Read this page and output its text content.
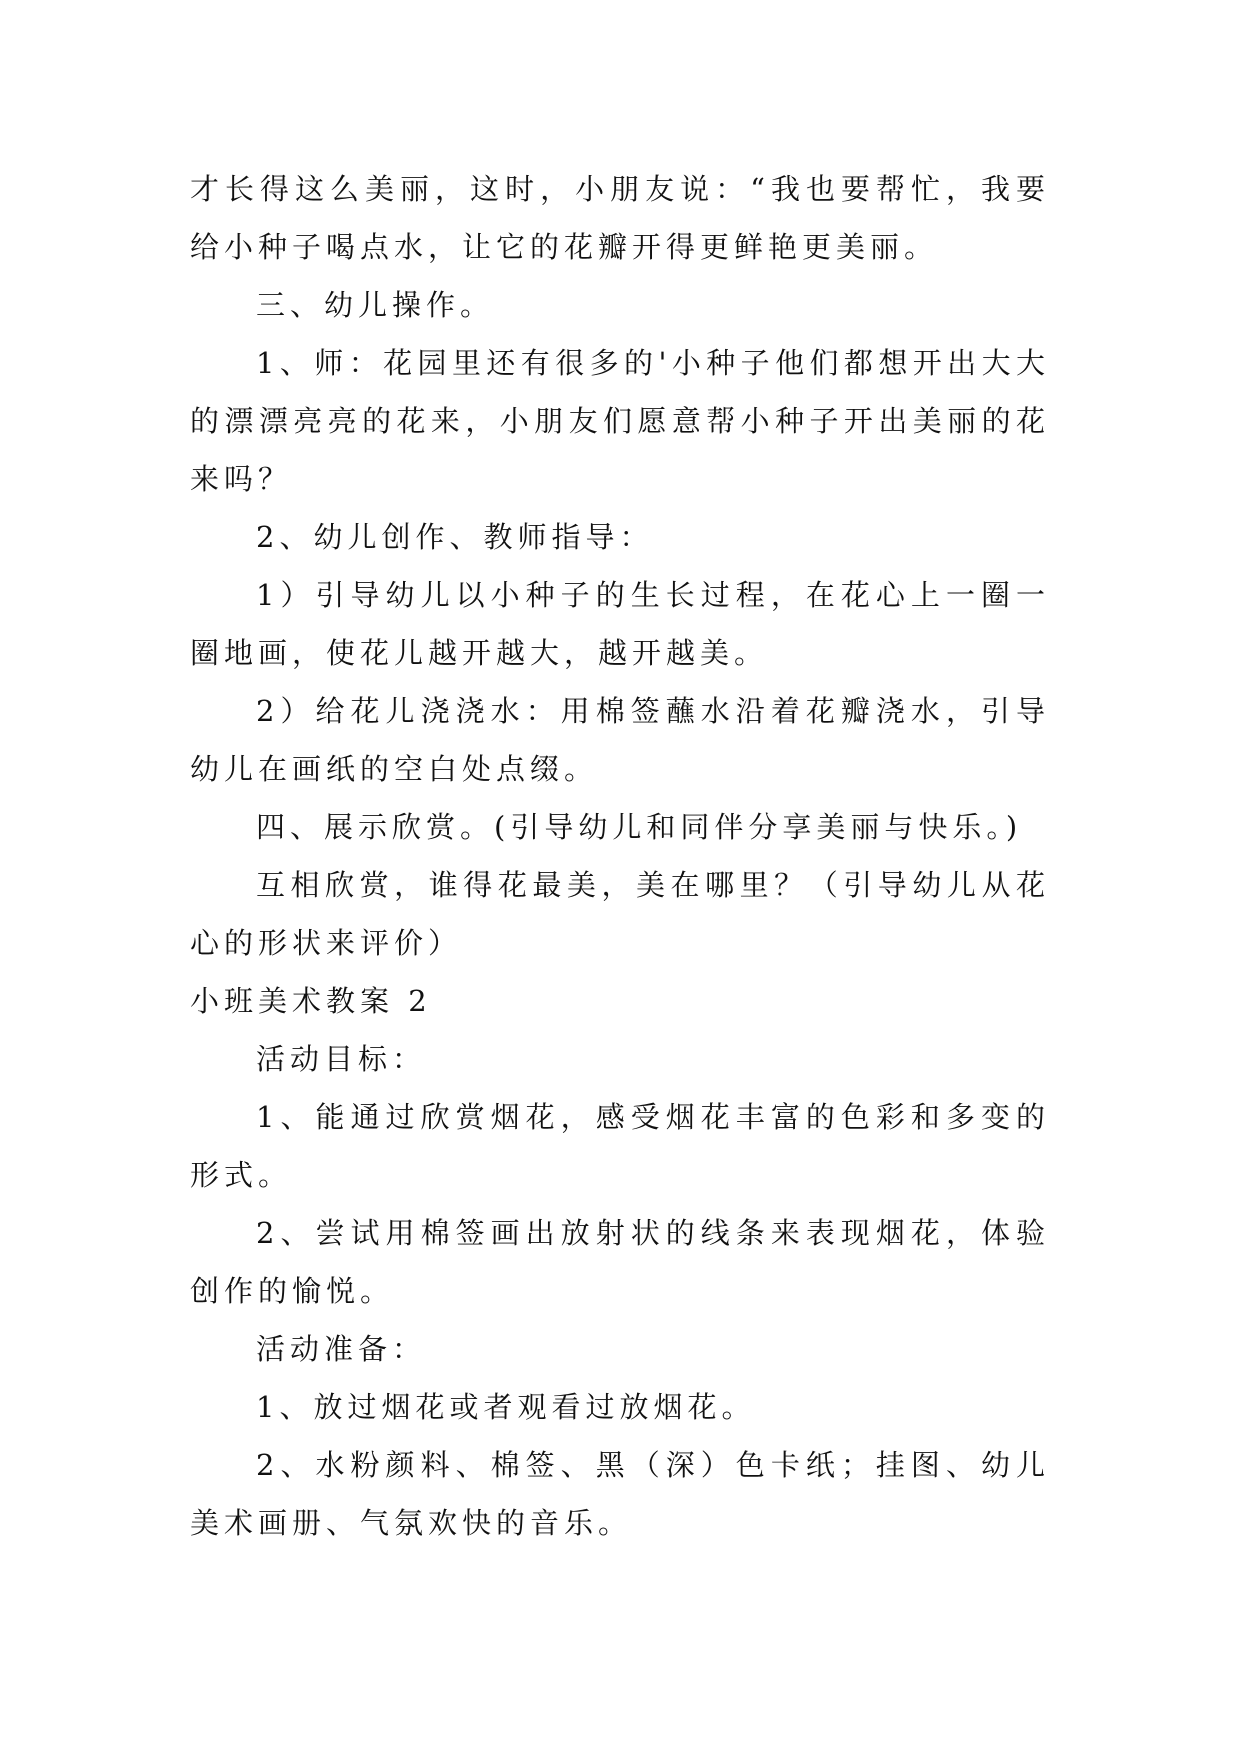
才长得这么美丽，这时，小朋友说：“我也要帮忙，我要给小种子喝点水，让它的花瓣开得更鲜艳更美丽。

三、幼儿操作。

1、师：花园里还有很多的'小种子他们都想开出大大的漂漂亮亮的花来，小朋友们愿意帮小种子开出美丽的花来吗？

2、幼儿创作、教师指导：

1）引导幼儿以小种子的生长过程，在花心上一圈一圈地画，使花儿越开越大，越开越美。

2）给花儿浇浇水：用棉签蘸水沿着花瓣浇水，引导幼儿在画纸的空白处点缀。

四、展示欣赏。(引导幼儿和同伴分享美丽与快乐。)

互相欣赏，谁得花最美，美在哪里？（引导幼儿从花心的形状来评价）

小班美术教案 2

活动目标：

1、能通过欣赏烟花，感受烟花丰富的色彩和多变的形式。

2、尝试用棉签画出放射状的线条来表现烟花，体验创作的愉悦。

活动准备：

1、放过烟花或者观看过放烟花。

2、水粉颜料、棉签、黑（深）色卡纸；挂图、幼儿美术画册、气氛欢快的音乐。
